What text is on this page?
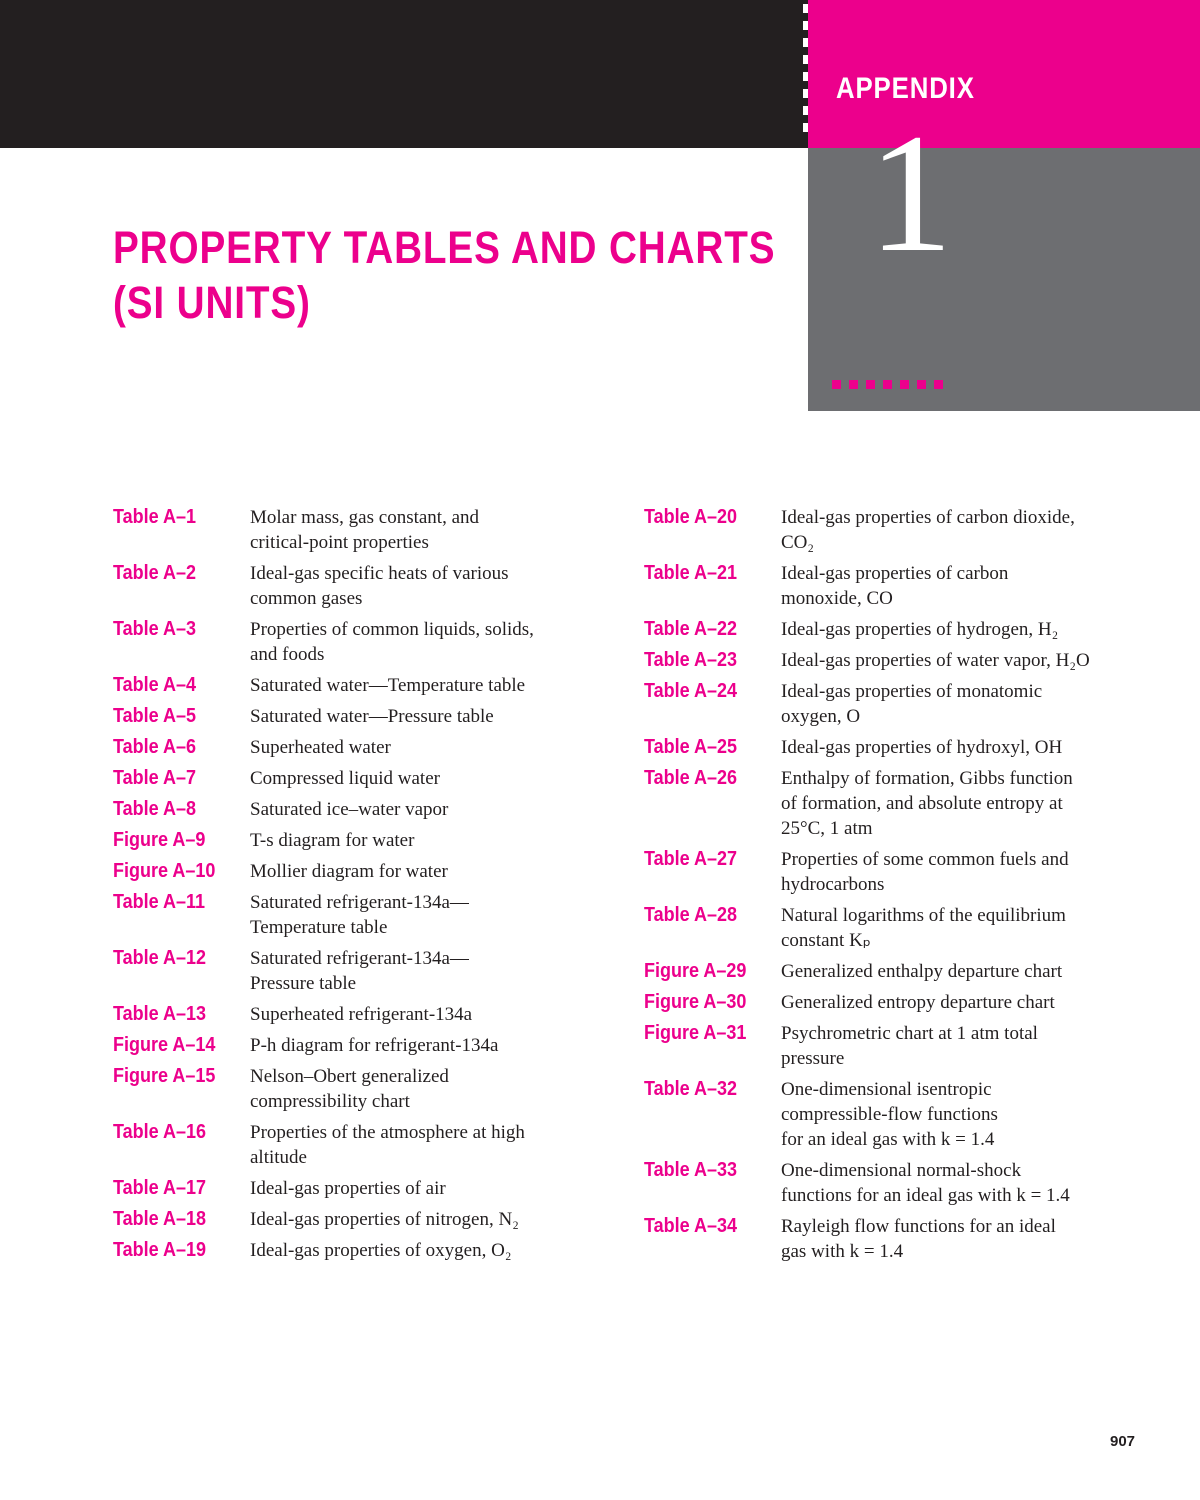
APPENDIX
1
PROPERTY TABLES AND CHARTS
(SI UNITS)
Table A–1	Molar mass, gas constant, and
critical-point properties
Table A–2	Ideal-gas specific heats of various
common gases
Table A–3	Properties of common liquids, solids,
and foods
Table A–4	Saturated water—Temperature table
Table A–5	Saturated water—Pressure table
Table A–6	Superheated water
Table A–7	Compressed liquid water
Table A–8	Saturated ice–water vapor
Figure A–9	T-s diagram for water
Figure A–10	Mollier diagram for water
Table A–11	Saturated refrigerant-134a—
Temperature table
Table A–12	Saturated refrigerant-134a—
Pressure table
Table A–13	Superheated refrigerant-134a
Figure A–14	P-h diagram for refrigerant-134a
Figure A–15	Nelson–Obert generalized
compressibility chart
Table A–16	Properties of the atmosphere at high
altitude
Table A–17	Ideal-gas properties of air
Table A–18	Ideal-gas properties of nitrogen, N₂
Table A–19	Ideal-gas properties of oxygen, O₂
Table A–20	Ideal-gas properties of carbon dioxide,
CO₂
Table A–21	Ideal-gas properties of carbon
monoxide, CO
Table A–22	Ideal-gas properties of hydrogen, H₂
Table A–23	Ideal-gas properties of water vapor, H₂O
Table A–24	Ideal-gas properties of monatomic
oxygen, O
Table A–25	Ideal-gas properties of hydroxyl, OH
Table A–26	Enthalpy of formation, Gibbs function
of formation, and absolute entropy at
25°C, 1 atm
Table A–27	Properties of some common fuels and
hydrocarbons
Table A–28	Natural logarithms of the equilibrium
constant Kₚ
Figure A–29	Generalized enthalpy departure chart
Figure A–30	Generalized entropy departure chart
Figure A–31	Psychrometric chart at 1 atm total
pressure
Table A–32	One-dimensional isentropic
compressible-flow functions
for an ideal gas with k = 1.4
Table A–33	One-dimensional normal-shock
functions for an ideal gas with k = 1.4
Table A–34	Rayleigh flow functions for an ideal
gas with k = 1.4
907
